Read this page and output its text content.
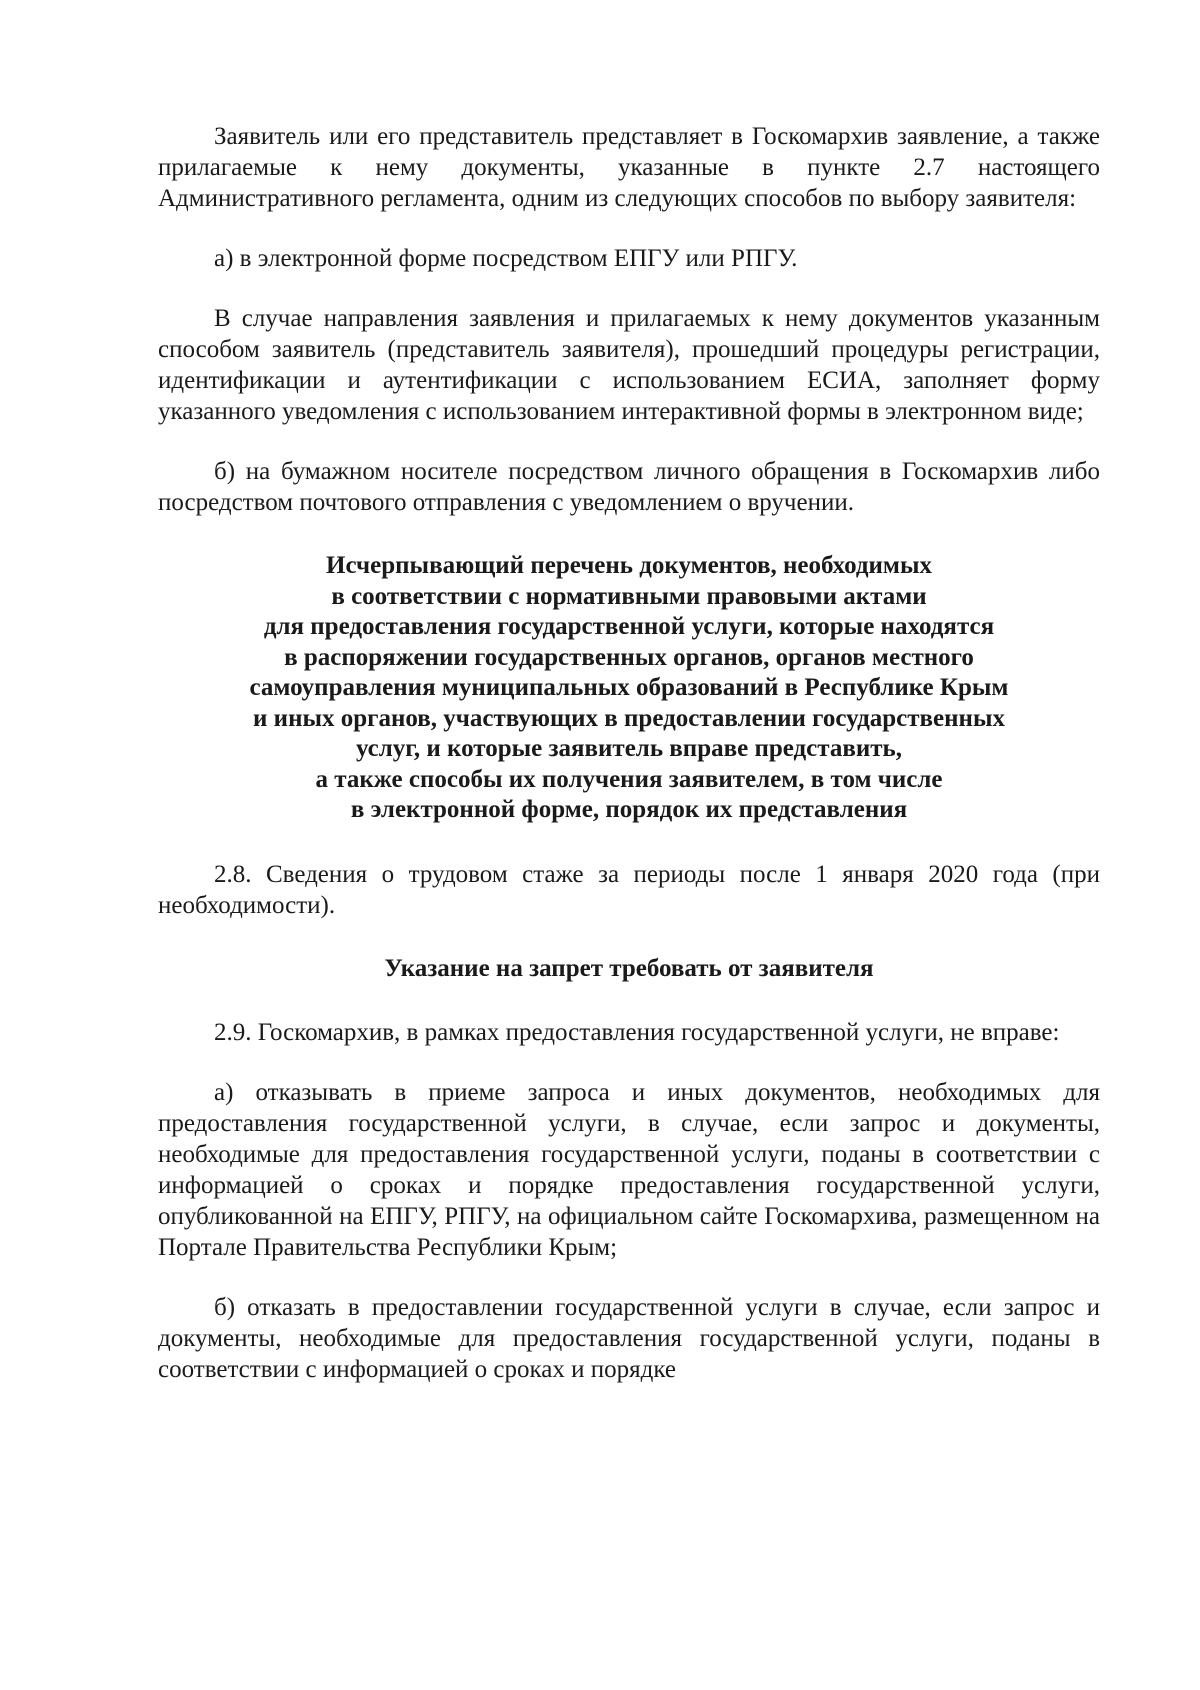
Заявитель или его представитель представляет в Госкомархив заявление, а также прилагаемые к нему документы, указанные в пункте 2.7 настоящего Административного регламента, одним из следующих способов по выбору заявителя:

а) в электронной форме посредством ЕПГУ или РПГУ.

В случае направления заявления и прилагаемых к нему документов указанным способом заявитель (представитель заявителя), прошедший процедуры регистрации, идентификации и аутентификации с использованием ЕСИА, заполняет форму указанного уведомления с использованием интерактивной формы в электронном виде;

б) на бумажном носителе посредством личного обращения в Госкомархив либо посредством почтового отправления с уведомлением о вручении.

Исчерпывающий перечень документов, необходимых
в соответствии с нормативными правовыми актами
для предоставления государственной услуги, которые находятся
в распоряжении государственных органов, органов местного
самоуправления муниципальных образований в Республике Крым
и иных органов, участвующих в предоставлении государственных
услуг, и которые заявитель вправе представить,
а также способы их получения заявителем, в том числе
в электронной форме, порядок их представления

2.8. Сведения о трудовом стаже за периоды после 1 января 2020 года (при необходимости).

Указание на запрет требовать от заявителя

2.9. Госкомархив, в рамках предоставления государственной услуги, не вправе:

а) отказывать в приеме запроса и иных документов, необходимых для предоставления государственной услуги, в случае, если запрос и документы, необходимые для предоставления государственной услуги, поданы в соответствии с информацией о сроках и порядке предоставления государственной услуги, опубликованной на ЕПГУ, РПГУ, на официальном сайте Госкомархива, размещенном на Портале Правительства Республики Крым;

б) отказать в предоставлении государственной услуги в случае, если запрос и документы, необходимые для предоставления государственной услуги, поданы в соответствии с информацией о сроках и порядке
